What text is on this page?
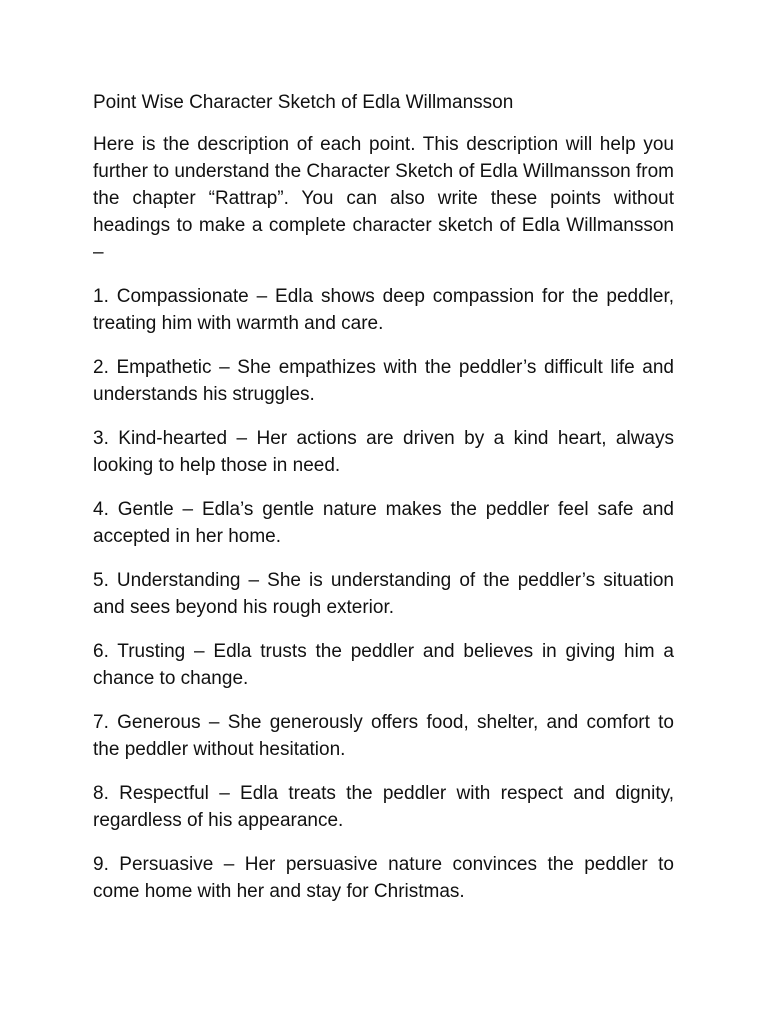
Point Wise Character Sketch of Edla Willmansson

Here is the description of each point. This description will help you further to understand the Character Sketch of Edla Willmansson from the chapter “Rattrap”. You can also write these points without headings to make a complete character sketch of Edla Willmansson –

1. Compassionate – Edla shows deep compassion for the peddler, treating him with warmth and care.

2. Empathetic – She empathizes with the peddler’s difficult life and understands his struggles.

3. Kind-hearted – Her actions are driven by a kind heart, always looking to help those in need.

4. Gentle – Edla’s gentle nature makes the peddler feel safe and accepted in her home.

5. Understanding – She is understanding of the peddler’s situation and sees beyond his rough exterior.

6. Trusting – Edla trusts the peddler and believes in giving him a chance to change.

7. Generous – She generously offers food, shelter, and comfort to the peddler without hesitation.

8. Respectful – Edla treats the peddler with respect and dignity, regardless of his appearance.

9. Persuasive – Her persuasive nature convinces the peddler to come home with her and stay for Christmas.
